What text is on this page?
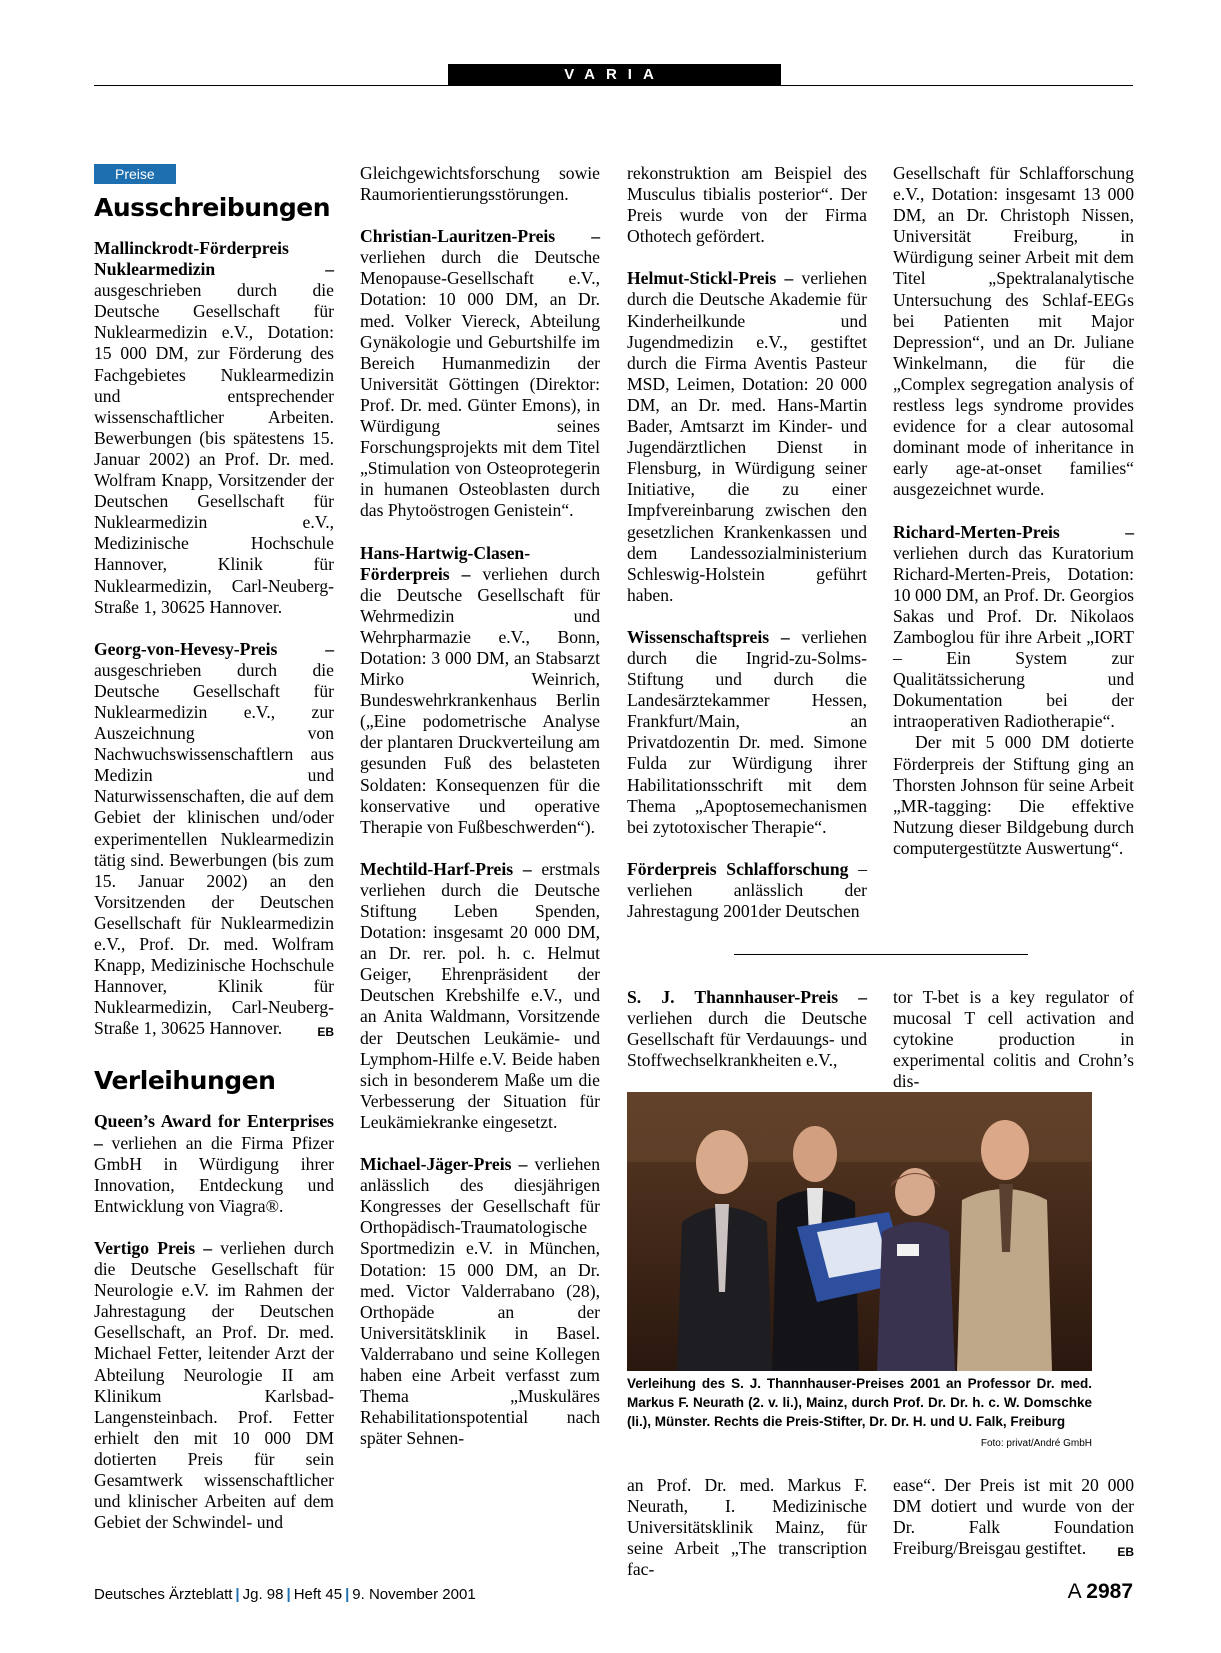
VARIA
Preise
Ausschreibungen

Mallinckrodt-Förderpreis Nuklearmedizin – ausgeschrieben durch die Deutsche Gesellschaft für Nuklearmedizin e.V., Dotation: 15 000 DM, zur Förderung des Fachgebietes Nuklearmedizin und entsprechender wissenschaftlicher Arbeiten. Bewerbungen (bis spätestens 15. Januar 2002) an Prof. Dr. med. Wolfram Knapp, Vorsitzender der Deutschen Gesellschaft für Nuklearmedizin e.V., Medizinische Hochschule Hannover, Klinik für Nuklearmedizin, Carl-Neuberg-Straße 1, 30625 Hannover.

Georg-von-Hevesy-Preis – ausgeschrieben durch die Deutsche Gesellschaft für Nuklearmedizin e.V., zur Auszeichnung von Nachwuchswissenschaftlern aus Medizin und Naturwissenschaften, die auf dem Gebiet der klinischen und/oder experimentellen Nuklearmedizin tätig sind. Bewerbungen (bis zum 15. Januar 2002) an den Vorsitzenden der Deutschen Gesellschaft für Nuklearmedizin e.V., Prof. Dr. med. Wolfram Knapp, Medizinische Hochschule Hannover, Klinik für Nuklearmedizin, Carl-Neuberg-Straße 1, 30625 Hannover.	EB

Verleihungen

Queen’s Award for Enterprises – verliehen an die Firma Pfizer GmbH in Würdigung ihrer Innovation, Entdeckung und Entwicklung von Viagra®.

Vertigo Preis – verliehen durch die Deutsche Gesellschaft für Neurologie e.V. im Rahmen der Jahrestagung der Deutschen Gesellschaft, an Prof. Dr. med. Michael Fetter, leitender Arzt der Abteilung Neurologie II am Klinikum Karlsbad-Langensteinbach. Prof. Fetter erhielt den mit 10 000 DM dotierten Preis für sein Gesamtwerk wissenschaftlicher und klinischer Arbeiten auf dem Gebiet der Schwindel- und

Gleichgewichtsforschung sowie Raumorientierungsstörungen.

Christian-Lauritzen-Preis – verliehen durch die Deutsche Menopause-Gesellschaft e.V., Dotation: 10 000 DM, an Dr. med. Volker Viereck, Abteilung Gynäkologie und Geburtshilfe im Bereich Humanmedizin der Universität Göttingen (Direktor: Prof. Dr. med. Günter Emons), in Würdigung seines Forschungsprojekts mit dem Titel „Stimulation von Osteoprotegerin in humanen Osteoblasten durch das Phytoöstrogen Genistein“.

Hans-Hartwig-Clasen-Förderpreis – verliehen durch die Deutsche Gesellschaft für Wehrmedizin und Wehrpharmazie e.V., Bonn, Dotation: 3 000 DM, an Stabsarzt Mirko Weinrich, Bundeswehrkrankenhaus Berlin („Eine podometrische Analyse der plantaren Druckverteilung am gesunden Fuß des belasteten Soldaten: Konsequenzen für die konservative und operative Therapie von Fußbeschwerden“).

Mechtild-Harf-Preis – erstmals verliehen durch die Deutsche Stiftung Leben Spenden, Dotation: insgesamt 20 000 DM, an Dr. rer. pol. h. c. Helmut Geiger, Ehrenpräsident der Deutschen Krebshilfe e.V., und an Anita Waldmann, Vorsitzende der Deutschen Leukämie- und Lymphom-Hilfe e.V. Beide haben sich in besonderem Maße um die Verbesserung der Situation für Leukämiekranke eingesetzt.

Michael-Jäger-Preis – verliehen anlässlich des diesjährigen Kongresses der Gesellschaft für Orthopädisch-Traumatologische Sportmedizin e.V. in München, Dotation: 15 000 DM, an Dr. med. Victor Valderrabano (28), Orthopäde an der Universitätsklinik in Basel. Valderrabano und seine Kollegen haben eine Arbeit verfasst zum Thema „Muskuläres Rehabilitationspotential nach später Sehnen-

rekonstruktion am Beispiel des Musculus tibialis posterior“. Der Preis wurde von der Firma Othotech gefördert.

Helmut-Stickl-Preis – verliehen durch die Deutsche Akademie für Kinderheilkunde und Jugendmedizin e.V., gestiftet durch die Firma Aventis Pasteur MSD, Leimen, Dotation: 20 000 DM, an Dr. med. Hans-Martin Bader, Amtsarzt im Kinder- und Jugendärztlichen Dienst in Flensburg, in Würdigung seiner Initiative, die zu einer Impfvereinbarung zwischen den gesetzlichen Krankenkassen und dem Landessozialministerium Schleswig-Holstein geführt haben.

Wissenschaftspreis – verliehen durch die Ingrid-zu-Solms-Stiftung und durch die Landesärztekammer Hessen, Frankfurt/Main, an Privatdozentin Dr. med. Simone Fulda zur Würdigung ihrer Habilitationsschrift mit dem Thema „Apoptosemechanismen bei zytotoxischer Therapie“.

Förderpreis Schlafforschung – verliehen anlässlich der Jahrestagung 2001der Deutschen

Gesellschaft für Schlafforschung e.V., Dotation: insgesamt 13 000 DM, an Dr. Christoph Nissen, Universität Freiburg, in Würdigung seiner Arbeit mit dem Titel „Spektralanalytische Untersuchung des Schlaf-EEGs bei Patienten mit Major Depression“, und an Dr. Juliane Winkelmann, die für die „Complex segregation analysis of restless legs syndrome provides evidence for a clear autosomal dominant mode of inheritance in early age-at-onset families“ ausgezeichnet wurde.

Richard-Merten-Preis – verliehen durch das Kuratorium Richard-Merten-Preis, Dotation: 10 000 DM, an Prof. Dr. Georgios Sakas und Prof. Dr. Nikolaos Zamboglou für ihre Arbeit „IORT – Ein System zur Qualitätssicherung und Dokumentation bei der intraoperativen Radiotherapie“.

Der mit 5 000 DM dotierte Förderpreis der Stiftung ging an Thorsten Johnson für seine Arbeit „MR-tagging: Die effektive Nutzung dieser Bildgebung durch computergestützte Auswertung“.

S. J. Thannhauser-Preis – verliehen durch die Deutsche Gesellschaft für Verdauungs- und Stoffwechselkrankheiten e.V.,
tor T-bet is a key regulator of mucosal T cell activation and cytokine production in experimental colitis and Crohn’s dis-
Verleihung des S. J. Thannhauser-Preises 2001 an Professor Dr. med. Markus F. Neurath (2. v. li.), Mainz, durch Prof. Dr. Dr. h. c. W. Domschke (li.), Münster. Rechts die Preis-Stifter, Dr. Dr. H. und U. Falk, Freiburg

Foto: privat/André GmbH
an Prof. Dr. med. Markus F. Neurath, I. Medizinische Universitätsklinik Mainz, für seine Arbeit „The transcription fac-
ease“. Der Preis ist mit 20 000 DM dotiert und wurde von der Dr. Falk Foundation Freiburg/Breisgau gestiftet.	EB
Deutsches Ärzteblatt | Jg. 98 | Heft 45 | 9. November 2001	A 2987
